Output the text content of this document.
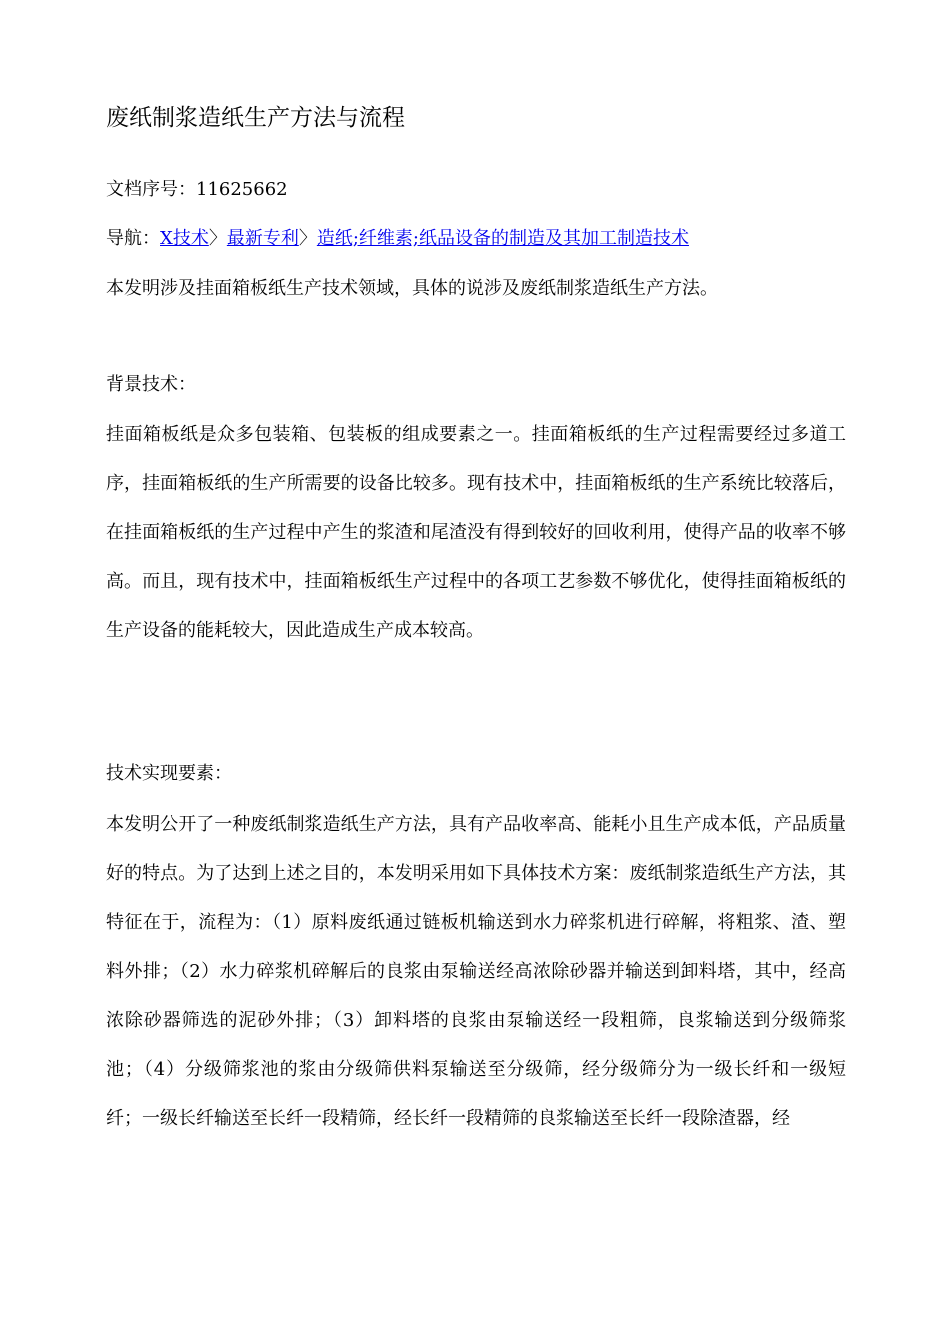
废纸制浆造纸生产方法与流程

文档序号：11625662

导航：X技术〉最新专利〉造纸;纤维素;纸品设备的制造及其加工制造技术

本发明涉及挂面箱板纸生产技术领域，具体的说涉及废纸制浆造纸生产方法。

背景技术：

挂面箱板纸是众多包装箱、包装板的组成要素之一。挂面箱板纸的生产过程需要经过多道工序，挂面箱板纸的生产所需要的设备比较多。现有技术中，挂面箱板纸的生产系统比较落后，在挂面箱板纸的生产过程中产生的浆渣和尾渣没有得到较好的回收利用，使得产品的收率不够高。而且，现有技术中，挂面箱板纸生产过程中的各项工艺参数不够优化，使得挂面箱板纸的生产设备的能耗较大，因此造成生产成本较高。

技术实现要素：

本发明公开了一种废纸制浆造纸生产方法，具有产品收率高、能耗小且生产成本低，产品质量好的特点。为了达到上述之目的，本发明采用如下具体技术方案：废纸制浆造纸生产方法，其特征在于，流程为：（1）原料废纸通过链板机输送到水力碎浆机进行碎解，将粗浆、渣、塑料外排；（2）水力碎浆机碎解后的良浆由泵输送经高浓除砂器并输送到卸料塔，其中，经高浓除砂器筛选的泥砂外排；（3）卸料塔的良浆由泵输送经一段粗筛，良浆输送到分级筛浆池；（4）分级筛浆池的浆由分级筛供料泵输送至分级筛，经分级筛分为一级长纤和一级短纤；一级长纤输送至长纤一段精筛，经长纤一段精筛的良浆输送至长纤一段除渣器，经
